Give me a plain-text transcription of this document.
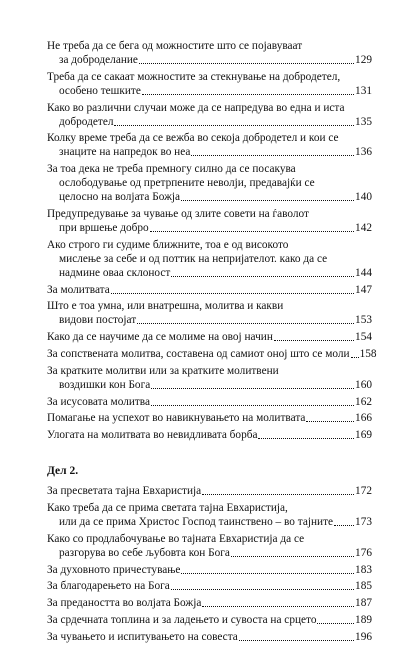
Не треба да се бега од можностите што се појавуваат
за доброделание	129
Треба да се сакаат можностите за стекнување на добродетел,
особено тешките	131
Како во различни случаи може да се напредува во една и иста
добродетел	135
Колку време треба да се вежба во секоја добродетел и кои се
знаците на напредок во неа	136
За тоа дека не треба премногу силно да се посакува
ослободување од претрпените неволји, предавајќи се
целосно на волјата Божја	140
Предупредување за чување од злите совети на ѓаволот
при вршење добро	142
Ако строго ги судиме ближните, тоа е од високото
мислење за себе и од поттик на непријателот. како да се
надмине оваа склоност	144
За молитвата	147
Што е тоа умна, или внатрешна, молитва и какви
видови постојат	153
Како да се научиме да се молиме на овој начин	154
За сопствената молитва, составена од самиот оној што се моли 158
За кратките молитви или за кратките молитвени
воздишки кон Бога	160
За исусовата молитва	162
Помагање на успехот во навикнувањето на молитвата	166
Улогата на молитвата во невидливата борба	169
Дел 2.
За пресветата тајна Евхаристија	172
Како треба да се прима светата тајна Евхаристија,
или да се прима Христос Господ таинствено – во тајните 173
Како со продлабочување во тајната Евхаристија да се
разгорува во себе љубовта кон Бога	176
За духовното причестување	183
За благодарењето на Бога	185
За предаността во волјата Божја	187
За срдечната топлина и за ладењето и сувоста на срцето	189
За чувањето и испитувањето на совеста	196
